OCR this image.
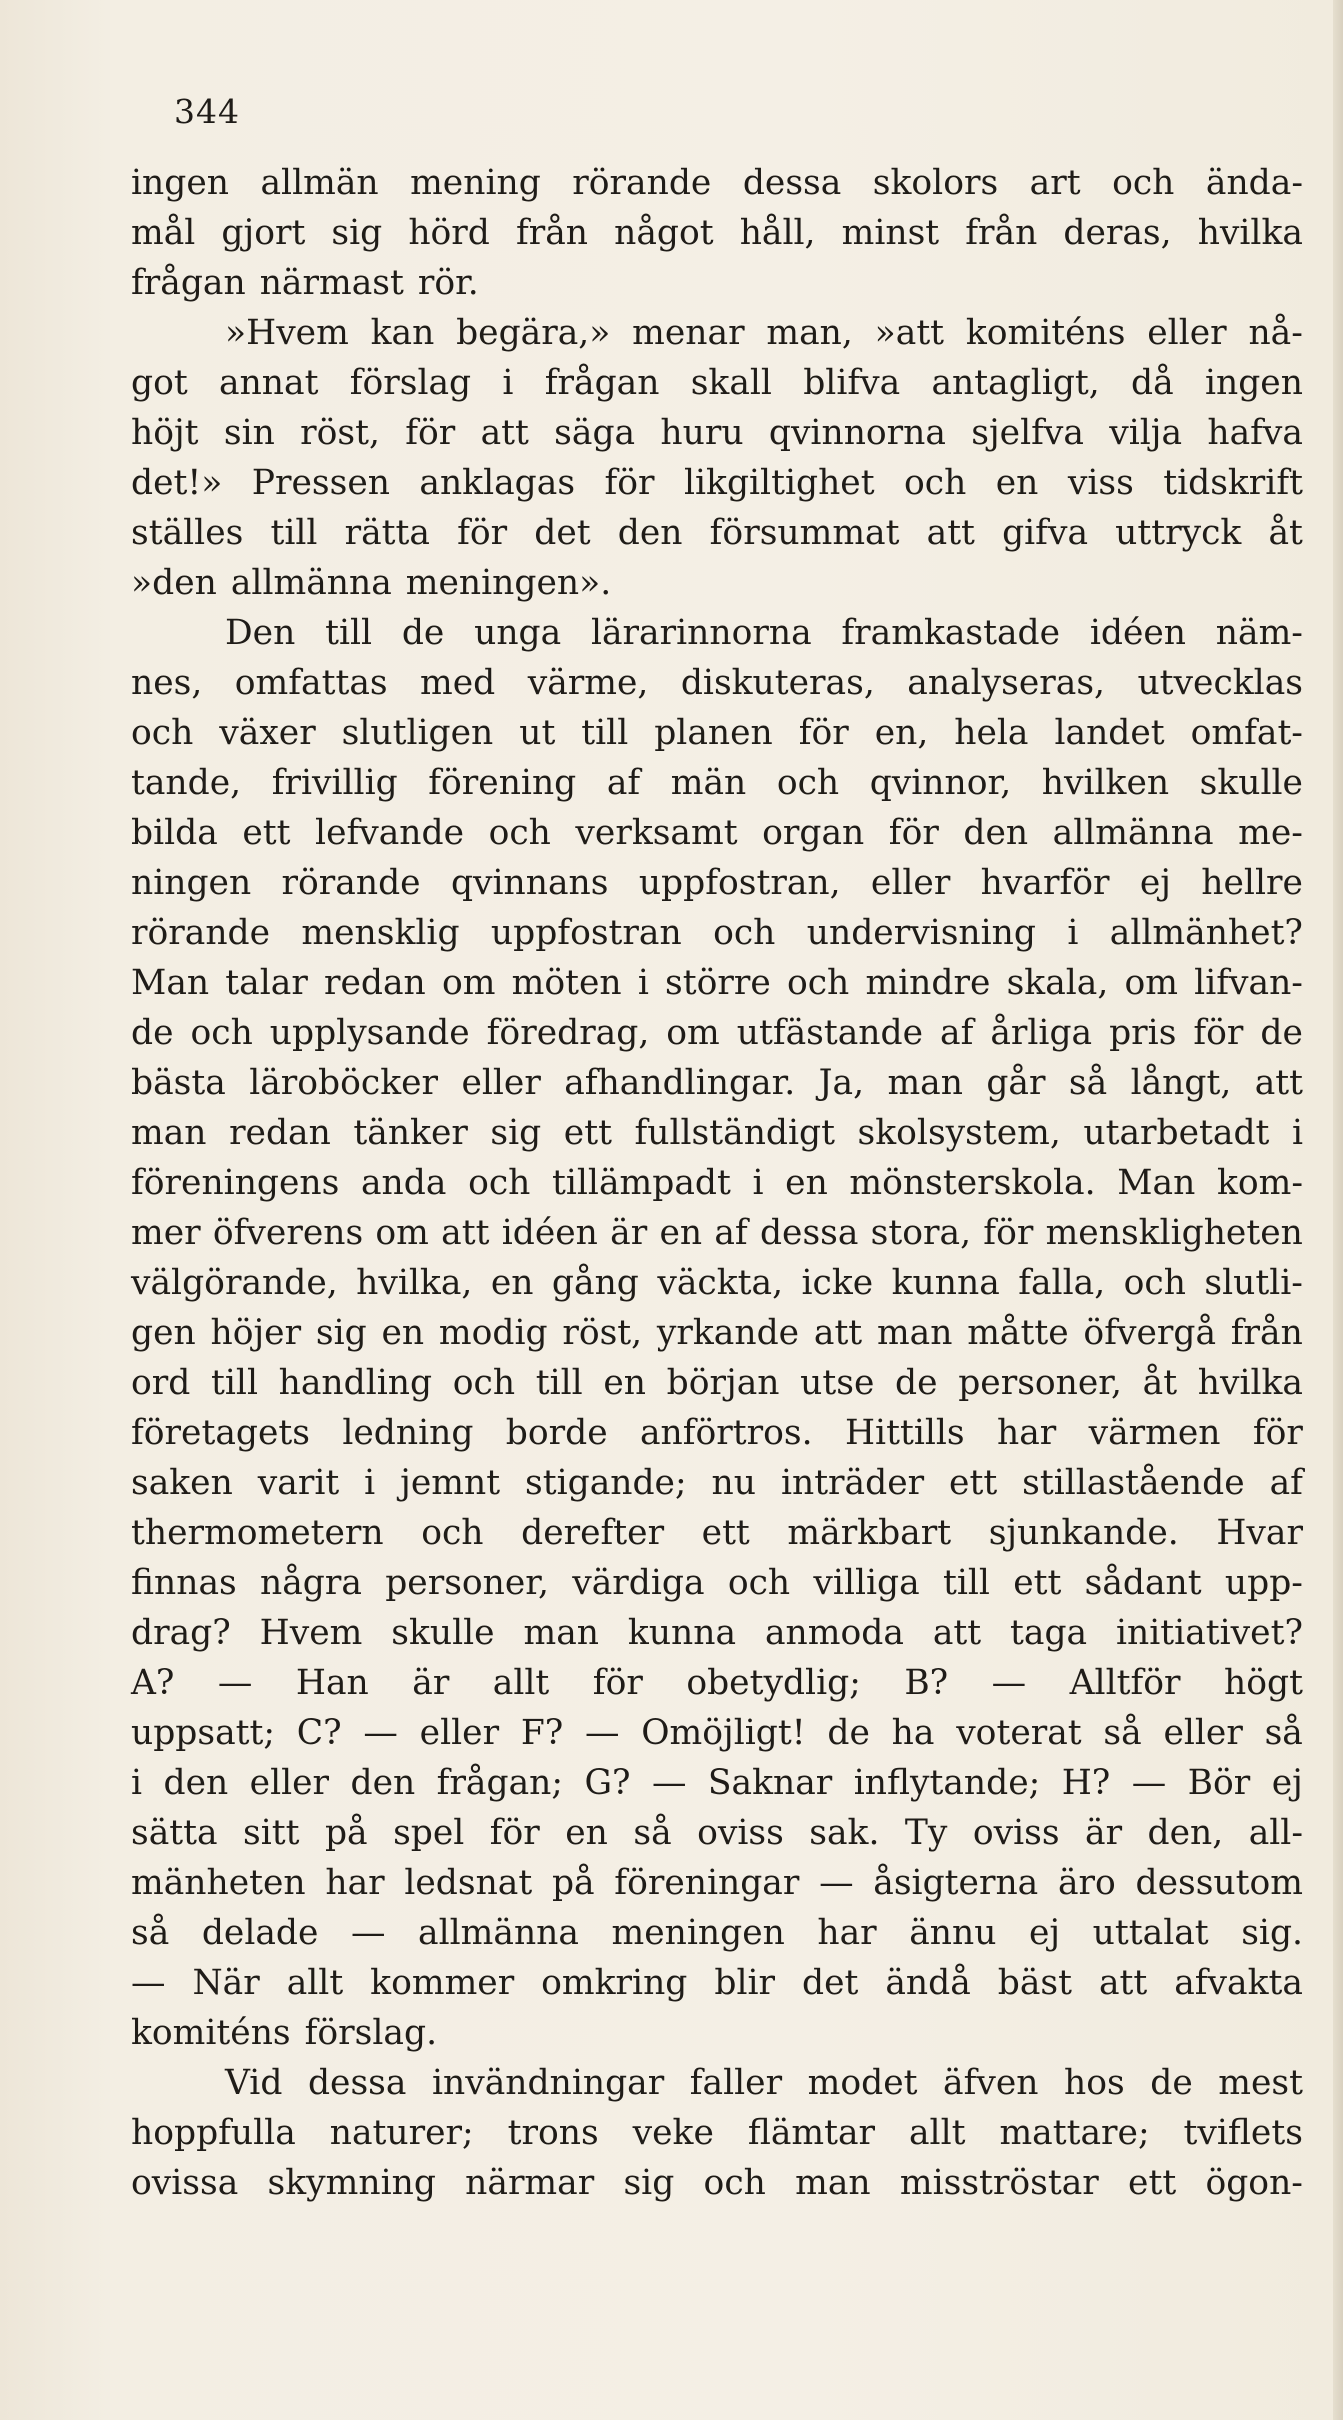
344
ingen allmän mening rörande dessa skolors art och ända-
mål gjort sig hörd från något håll, minst från deras, hvilka
frågan närmast rör.
»Hvem kan begära,» menar man, »att komiténs eller nå-
got annat förslag i frågan skall blifva antagligt, då ingen
höjt sin röst, för att säga huru qvinnorna sjelfva vilja hafva
det!» Pressen anklagas för likgiltighet och en viss tidskrift
ställes till rätta för det den försummat att gifva uttryck åt
»den allmänna meningen».
Den till de unga lärarinnorna framkastade idéen näm-
nes, omfattas med värme, diskuteras, analyseras, utvecklas
och växer slutligen ut till planen för en, hela landet omfat-
tande, frivillig förening af män och qvinnor, hvilken skulle
bilda ett lefvande och verksamt organ för den allmänna me-
ningen rörande qvinnans uppfostran, eller hvarför ej hellre
rörande mensklig uppfostran och undervisning i allmänhet?
Man talar redan om möten i större och mindre skala, om lifvan-
de och upplysande föredrag, om utfästande af årliga pris för de
bästa läroböcker eller afhandlingar. Ja, man går så långt, att
man redan tänker sig ett fullständigt skolsystem, utarbetadt i
föreningens anda och tillämpadt i en mönsterskola. Man kom-
mer öfverens om att idéen är en af dessa stora, för menskligheten
välgörande, hvilka, en gång väckta, icke kunna falla, och slutli-
gen höjer sig en modig röst, yrkande att man måtte öfvergå från
ord till handling och till en början utse de personer, åt hvilka
företagets ledning borde anförtros. Hittills har värmen för
saken varit i jemnt stigande; nu inträder ett stillastående af
thermometern och derefter ett märkbart sjunkande. Hvar
finnas några personer, värdiga och villiga till ett sådant upp-
drag? Hvem skulle man kunna anmoda att taga initiativet?
A? — Han är allt för obetydlig; B? — Alltför högt
uppsatt; C? — eller F? — Omöjligt! de ha voterat så eller så
i den eller den frågan; G? — Saknar inflytande; H? — Bör ej
sätta sitt på spel för en så oviss sak. Ty oviss är den, all-
mänheten har ledsnat på föreningar — åsigterna äro dessutom
så delade — allmänna meningen har ännu ej uttalat sig.
— När allt kommer omkring blir det ändå bäst att afvakta
komiténs förslag.
Vid dessa invändningar faller modet äfven hos de mest
hoppfulla naturer; trons veke flämtar allt mattare; tviflets
ovissa skymning närmar sig och man misströstar ett ögon-
